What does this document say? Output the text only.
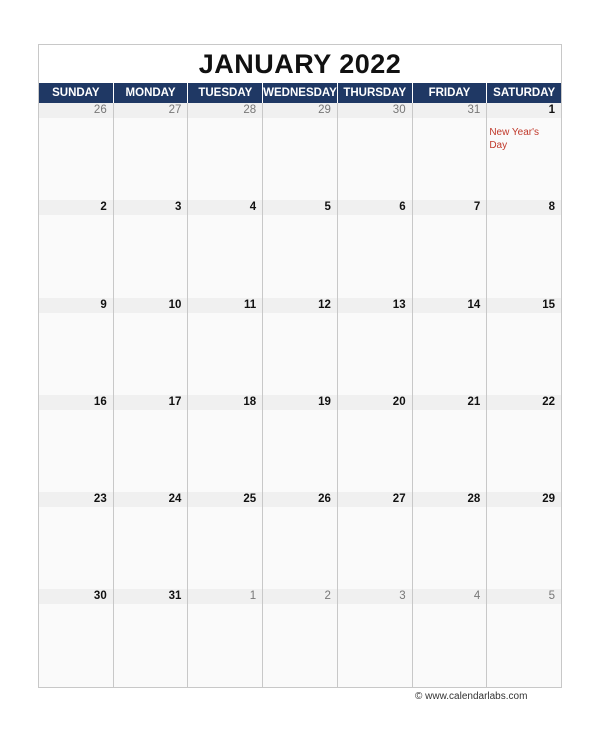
JANUARY 2022
SUNDAY	MONDAY	TUESDAY WEDNESDAY THURSDAY	FRIDAY	SATURDAY
26	27	28	29	30	31	1
New Year's Day
2	3	4	5	6	7	8
9	10	11	12	13	14	15
16	17	18	19	20	21	22
23	24	25	26	27	28	29
30	31	1	2	3	4	5
© www.calendarlabs.com
